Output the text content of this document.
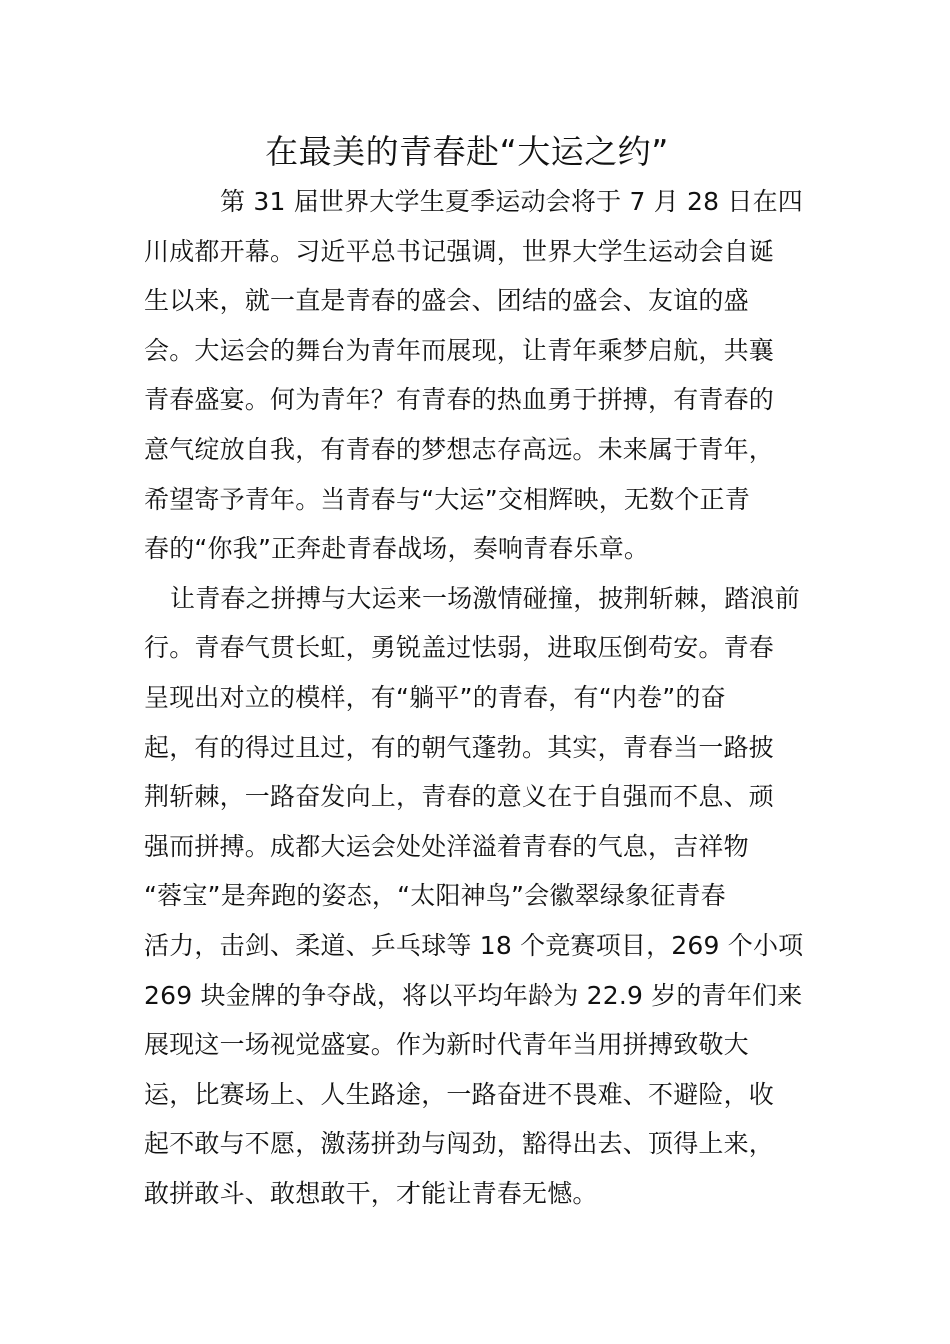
在最美的青春赴“大运之约”
第 31 届世界大学生夏季运动会将于 7 月 28 日在四
川成都开幕。习近平总书记强调，世界大学生运动会自诞
生以来，就一直是青春的盛会、团结的盛会、友谊的盛
会。大运会的舞台为青年而展现，让青年乘梦启航，共襄
青春盛宴。何为青年？有青春的热血勇于拼搏，有青春的
意气绽放自我，有青春的梦想志存高远。未来属于青年，
希望寄予青年。当青春与“大运”交相辉映，无数个正青
春的“你我”正奔赴青春战场，奏响青春乐章。
让青春之拼搏与大运来一场激情碰撞，披荆斩棘，踏浪前
行。青春气贯长虹，勇锐盖过怯弱，进取压倒苟安。青春
呈现出对立的模样，有“躺平”的青春，有“内卷”的奋
起，有的得过且过，有的朝气蓬勃。其实，青春当一路披
荆斩棘，一路奋发向上，青春的意义在于自强而不息、顽
强而拼搏。成都大运会处处洋溢着青春的气息，吉祥物
“蓉宝”是奔跑的姿态，“太阳神鸟”会徽翠绿象征青春
活力，击剑、柔道、乒乓球等 18 个竞赛项目，269 个小项
269 块金牌的争夺战，将以平均年龄为 22.9 岁的青年们来
展现这一场视觉盛宴。作为新时代青年当用拼搏致敬大
运，比赛场上、人生路途，一路奋进不畏难、不避险，收
起不敢与不愿，激荡拼劲与闯劲，豁得出去、顶得上来，
敢拼敢斗、敢想敢干，才能让青春无憾。
